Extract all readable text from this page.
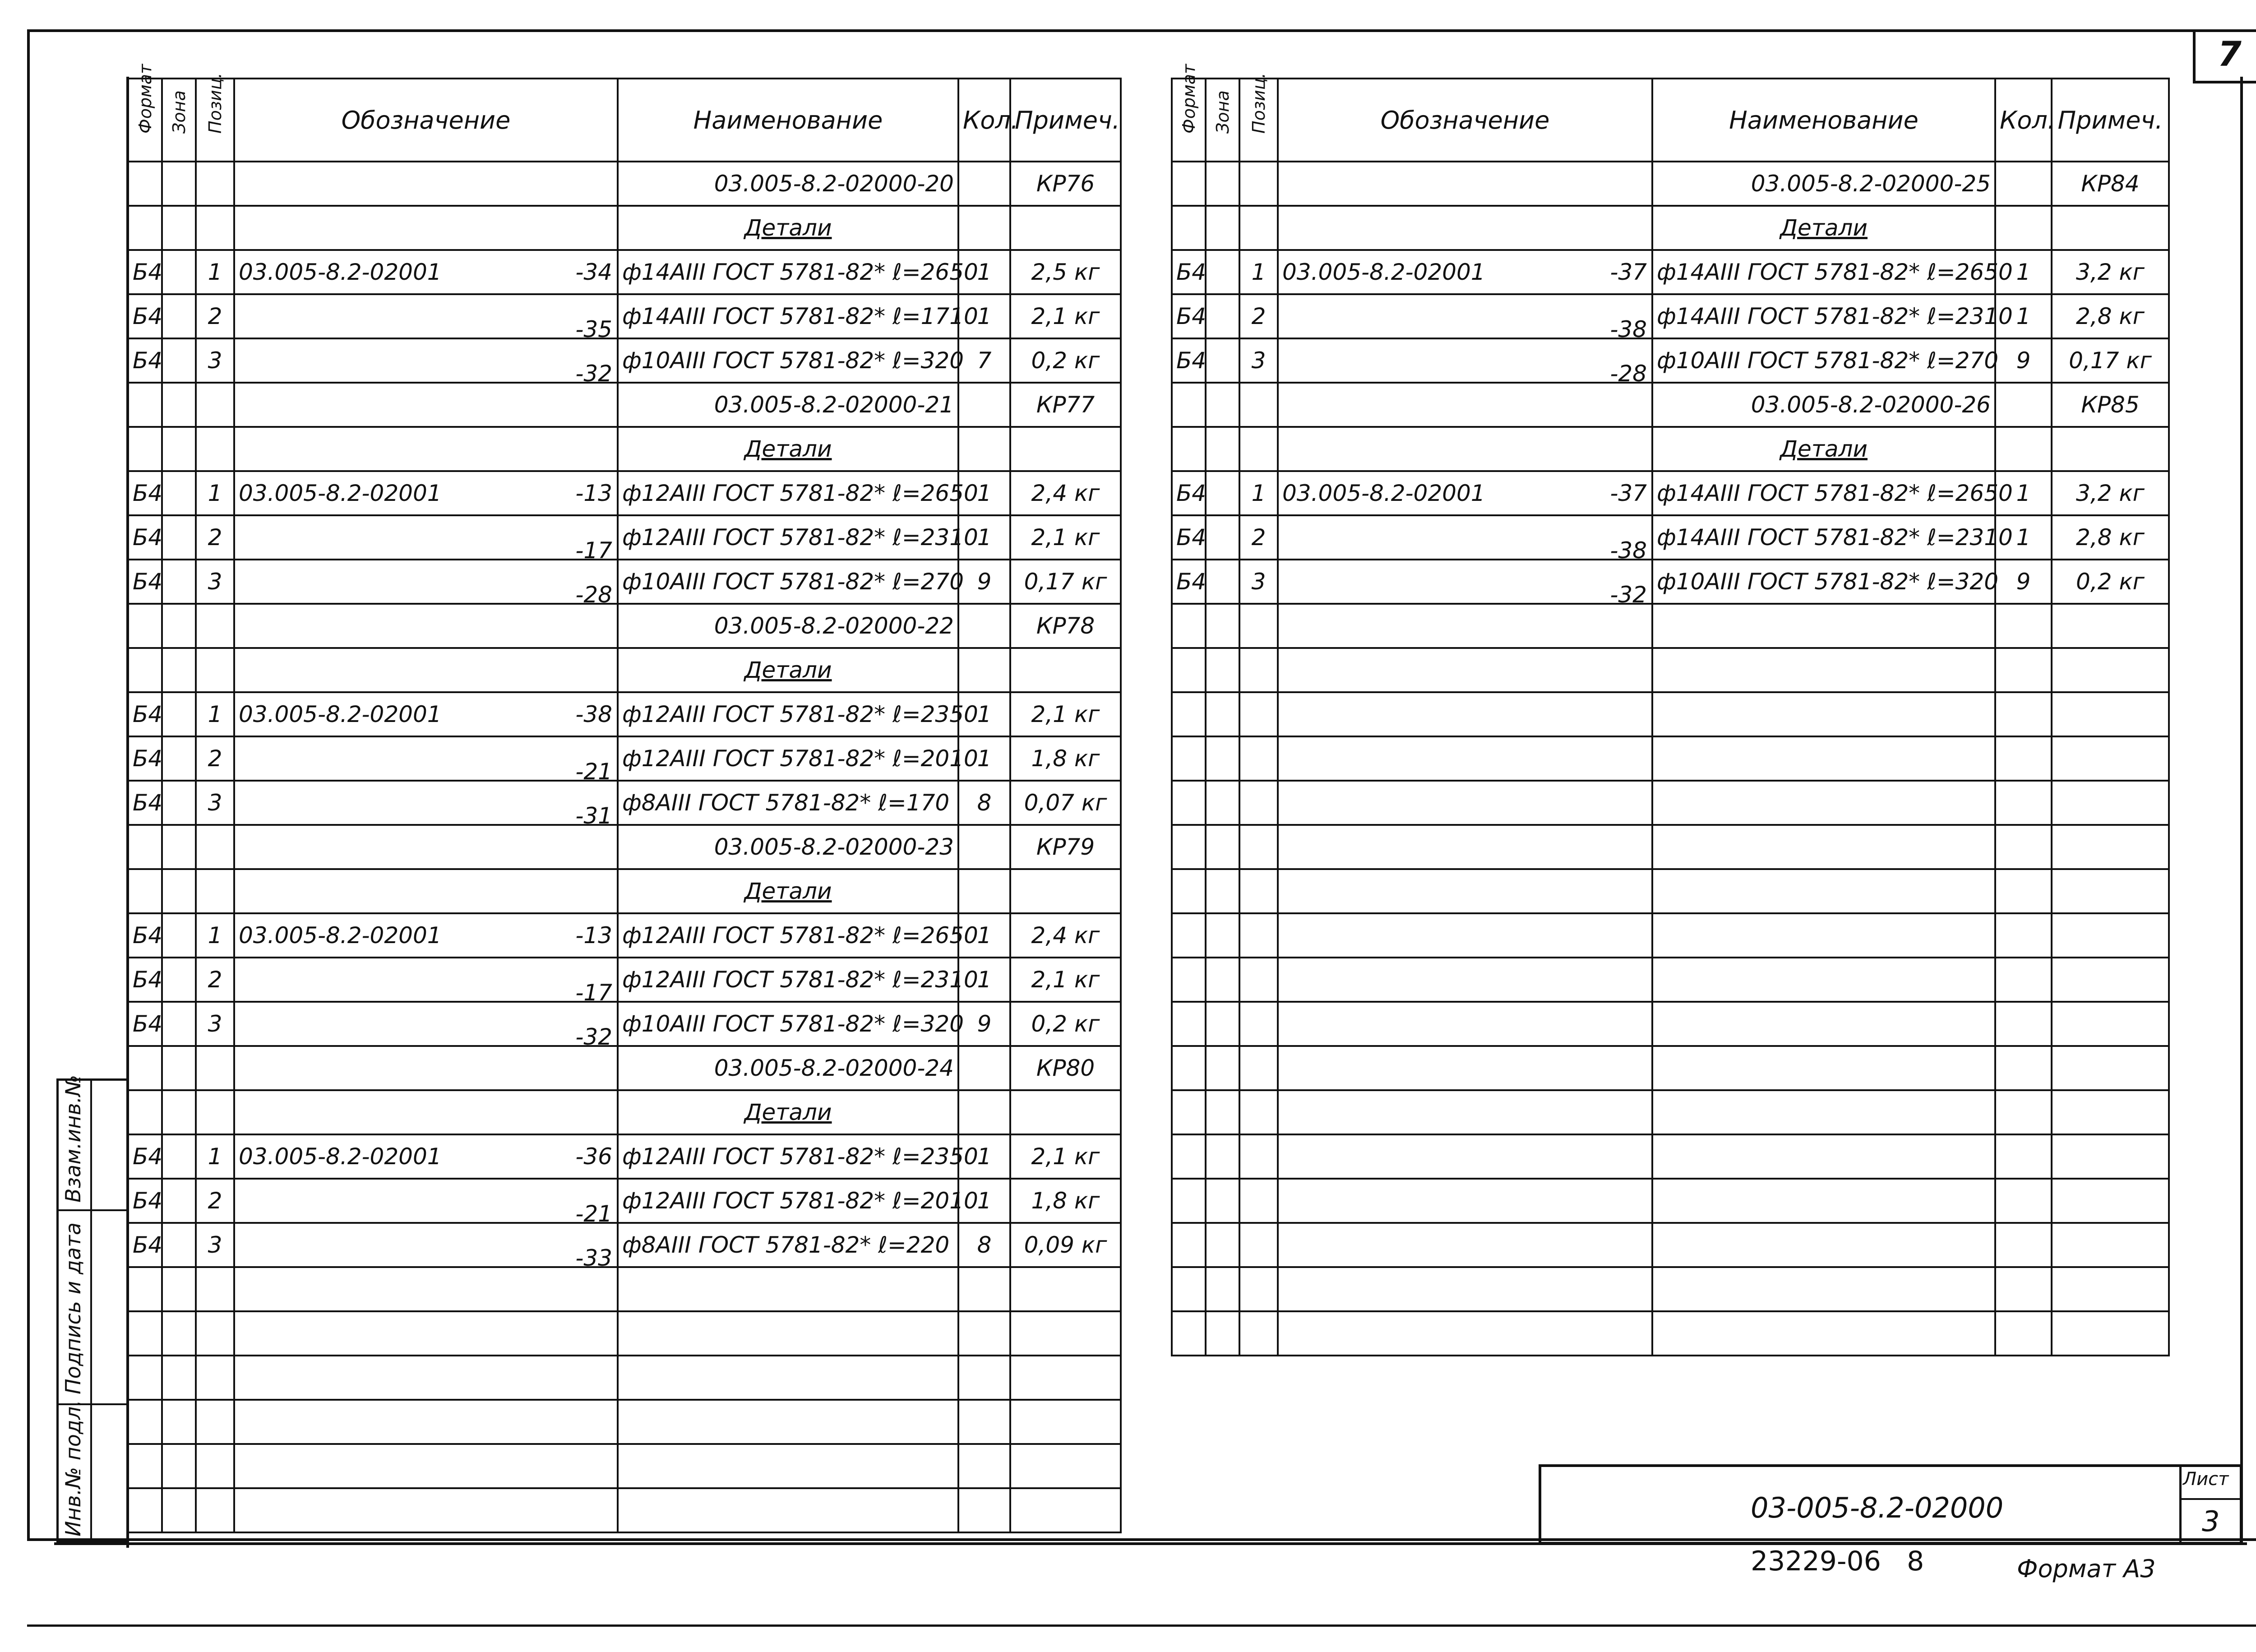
7
Формат	Зона	Позиц.	Обозначение	Наименование	Кол.	Примеч.
				03.005-8.2-02000-20		КР76
				Детали		
Б4		1	03.005-8.2-02001 -34	ф14АIII ГОСТ 5781-82* ℓ=2650	1	2,5 кг
Б4		2	-35	ф14АIII ГОСТ 5781-82* ℓ=1710	1	2,1 кг
Б4		3	-32	ф10АIII ГОСТ 5781-82* ℓ=320	7	0,2 кг
				03.005-8.2-02000-21		КР77
				Детали		
Б4		1	03.005-8.2-02001 -13	ф12АIII ГОСТ 5781-82* ℓ=2650	1	2,4 кг
Б4		2	-17	ф12АIII ГОСТ 5781-82* ℓ=2310	1	2,1 кг
Б4		3	-28	ф10АIII ГОСТ 5781-82* ℓ=270	9	0,17 кг
				03.005-8.2-02000-22		КР78
				Детали		
Б4		1	03.005-8.2-02001 -38	ф12АIII ГОСТ 5781-82* ℓ=2350	1	2,1 кг
Б4		2	-21	ф12АIII ГОСТ 5781-82* ℓ=2010	1	1,8 кг
Б4		3	-31	ф8АIII ГОСТ 5781-82* ℓ=170	8	0,07 кг
				03.005-8.2-02000-23		КР79
				Детали		
Б4		1	03.005-8.2-02001 -13	ф12АIII ГОСТ 5781-82* ℓ=2650	1	2,4 кг
Б4		2	-17	ф12АIII ГОСТ 5781-82* ℓ=2310	1	2,1 кг
Б4		3	-32	ф10АIII ГОСТ 5781-82* ℓ=320	9	0,2 кг
				03.005-8.2-02000-24		КР80
				Детали		
Б4		1	03.005-8.2-02001 -36	ф12АIII ГОСТ 5781-82* ℓ=2350	1	2,1 кг
Б4		2	-21	ф12АIII ГОСТ 5781-82* ℓ=2010	1	1,8 кг
Б4		3	-33	ф8АIII ГОСТ 5781-82* ℓ=220	8	0,09 кг

Формат	Зона	Позиц.	Обозначение	Наименование	Кол.	Примеч.
				03.005-8.2-02000-25		КР84
				Детали		
Б4		1	03.005-8.2-02001 -37	ф14АIII ГОСТ 5781-82* ℓ=2650	1	3,2 кг
Б4		2	-38	ф14АIII ГОСТ 5781-82* ℓ=2310	1	2,8 кг
Б4		3	-28	ф10АIII ГОСТ 5781-82* ℓ=270	9	0,17 кг
				03.005-8.2-02000-26		КР85
				Детали		
Б4		1	03.005-8.2-02001 -37	ф14АIII ГОСТ 5781-82* ℓ=2650	1	3,2 кг
Б4		2	-38	ф14АIII ГОСТ 5781-82* ℓ=2310	1	2,8 кг
Б4		3	-32	ф10АIII ГОСТ 5781-82* ℓ=320	9	0,2 кг

Взам.инв.№
Подпись и дата
Инв.№ подл.	03-005-8.2-02000
Лист
3
23229-06 8	Формат А3
